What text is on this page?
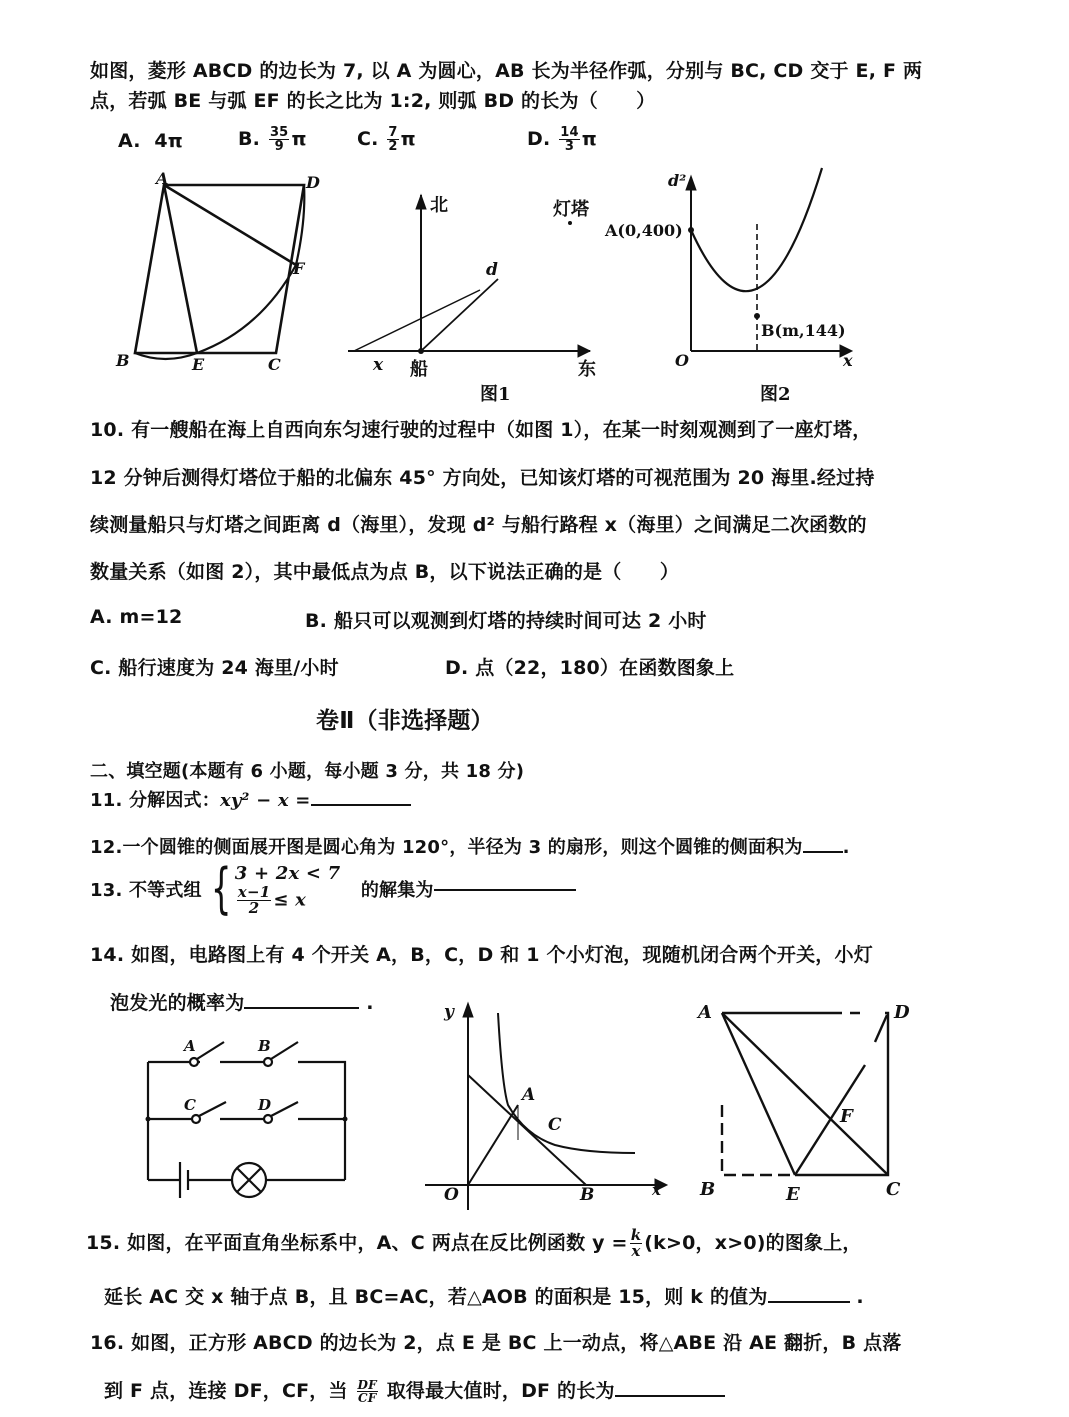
如图，菱形 ABCD 的边长为 7, 以 A 为圆心，AB 长为半径作弧，分别与 BC, CD 交于 E, F 两
点，若弧 BE 与弧 EF 的长之比为 1:2, 则弧 BD 的长为（　　）
A. 4π	B. $\frac{35}{9}$ π	C. $\frac{7}{2}$ π	D. $\frac{14}{3}$ π
A	D
F
B	E	C
北
d
x 船	东
图1
灯塔
d²
A(0,400)
B(m,144)
O	x
图2
10. 有一艘船在海上自西向东匀速行驶的过程中（如图 1），在某一时刻观测到了一座灯塔，
12 分钟后测得灯塔位于船的北偏东 45° 方向处，已知该灯塔的可视范围为 20 海里.经过持
续测量船只与灯塔之间距离 d（海里），发现 d² 与船行路程 x（海里）之间满足二次函数的
数量关系（如图 2），其中最低点为点 B，以下说法正确的是（　　）
A. m=12	B. 船只可以观测到灯塔的持续时间可达 2 小时
C. 船行速度为 24 海里/小时	D. 点（22，180）在函数图象上
卷Ⅱ（非选择题）
二、填空题(本题有 6 小题，每小题 3 分，共 18 分)
11. 分解因式：xy² − x =
12.一个圆锥的侧面展开图是圆心角为 120°，半径为 3 的扇形，则这个圆锥的侧面积为 .
13. 不等式组 { 3 + 2x < 7
$\frac{x-1}{2} \le x$	的解集为
14. 如图，电路图上有 4 个开关 A，B，C，D 和 1 个小灯泡，现随机闭合两个开关，小灯
泡发光的概率为	.
A	B
C	D
y
A
C
O	B	x
A	D
F
B	E	C
15. 如图，在平面直角坐标系中，A、C 两点在反比例函数 $y = \frac{k}{x} (k>0$，x>0)的图象上，
延长 AC 交 x 轴于点 B，且 BC=AC，若△AOB 的面积是 15，则 k 的值为	.
16. 如图，正方形 ABCD 的边长为 2，点 E 是 BC 上一动点，将△ABE 沿 AE 翻折，B 点落
到 F 点，连接 DF，CF，当 $\frac{DF}{CF}$ 取得最大值时，DF 的长为
